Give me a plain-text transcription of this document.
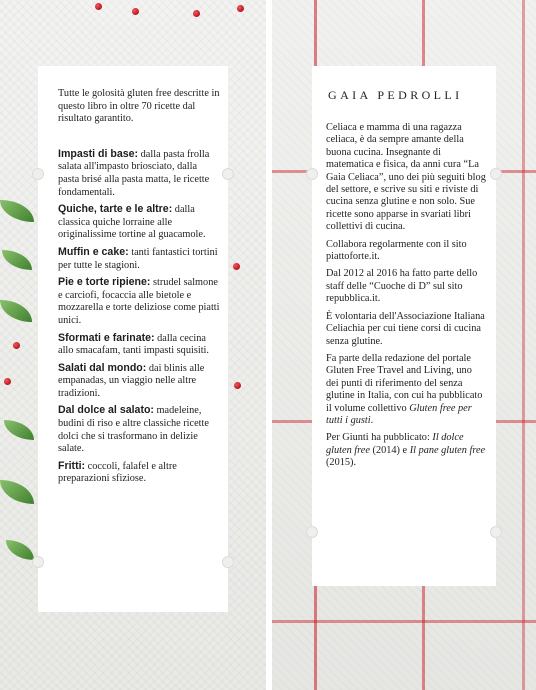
Tutte le golosità gluten free descritte in questo libro in oltre 70 ricette dal risultato garantito.

Impasti di base: dalla pasta frolla salata all'impasto briosciato, dalla pasta brisé alla pasta matta, le ricette fondamentali.

Quiche, tarte e le altre: dalla classica quiche lorraine alle originalissime tortine al guacamole.

Muffin e cake: tanti fantastici tortini per tutte le stagioni.

Pie e torte ripiene: strudel salmone e carciofi, focaccia alle bietole e mozzarella e torte deliziose come piatti unici.

Sformati e farinate: dalla cecina allo smacafam, tanti impasti squisiti.

Salati dal mondo: dai blinis alle empanadas, un viaggio nelle altre tradizioni.

Dal dolce al salato: madeleine, budini di riso e altre classiche ricette dolci che si trasformano in delizie salate.

Fritti: coccoli, falafel e altre preparazioni sfiziose.

GAIA PEDROLLI

Celiaca e mamma di una ragazza celiaca, è da sempre amante della buona cucina. Insegnante di matematica e fisica, da anni cura “La Gaia Celiaca”, uno dei più seguiti blog del settore, e scrive su siti e riviste di cucina senza glutine e non solo. Sue ricette sono apparse in svariati libri collettivi di cucina.

Collabora regolarmente con il sito piattoforte.it.

Dal 2012 al 2016 ha fatto parte dello staff delle “Cuoche di D” sul sito repubblica.it.

È volontaria dell'Associazione Italiana Celiachia per cui tiene corsi di cucina senza glutine.

Fa parte della redazione del portale Gluten Free Travel and Living, uno dei punti di riferimento del senza glutine in Italia, con cui ha pubblicato il volume collettivo Gluten free per tutti i gusti.

Per Giunti ha pubblicato: Il dolce gluten free (2014) e Il pane gluten free (2015).
